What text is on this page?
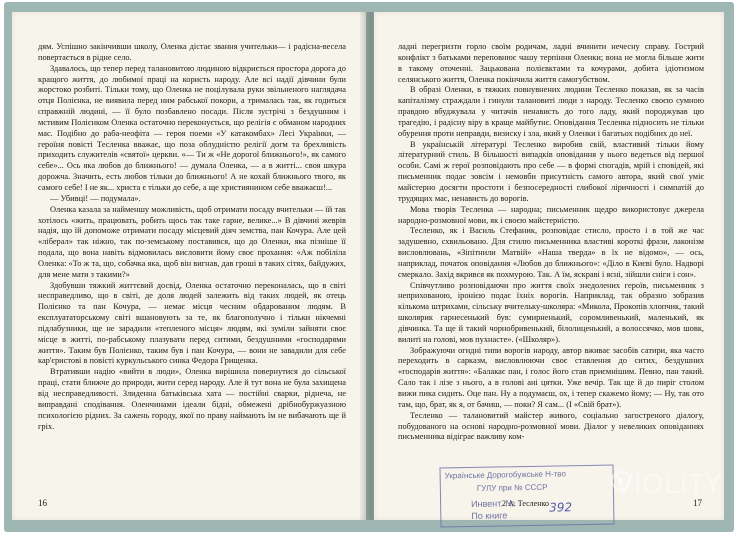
дям. Успішно закінчивши школу, Оленка дістає звання учительки— і радісна-весела повертається в рідне село.
Здавалось, що тепер перед талановитою людиною відкриється простора дорога до кращого життя, до любимої праці на користь народу. Але всі надії дівчини були жорстоко розбиті. Тільки тому, що Оленка не поцілувала руки звільненого наглядача отця Полієнка, не виявила перед ним рабської покори, а трималась так, як годиться справжній людині, — її було позбавлено посади. Після зустрічі з бездушним і мстивим Полієнком Оленка остаточно переконується, що релігія є обманом народних мас. Подібно до раба-неофіта — героя поеми «У катакомбах» Лесі Українки, — героїня повісті Тесленка вважає, що поза облудністю релігії догм та брехливість приходить служителів «святої» церкви. «— Ти ж «Не дорогої ближнього!», як самого себе»... Ось яка любов до ближнього! — думала Оленка, — а в житті... своя шкура дорожча. Значить, есть любов тільки до ближнього! А не кохай ближнього твого, як самого себе! І не як... христа є тільки до себе, а ще християнином себе вважаєш!...
— Убивці! — подумала».
Оленка казала за найменшу можливість, щоб отримати посаду вчительки — їй так хотілось «жить, працювать, робить щось так таке гарне, велике...» В дівчині жеврів надія, що їй допоможе отримати посаду місцевий діяч земства, пан Кочура. Але цей «ліберал» так ніжно, так по-земському поставився, що до Оленки, яка пізніше її подала, що вона навіть відмовилась висловити йому своє прохання: «Аж побіліла Оленка: «То ж та, що, собачка яка, щоб він вигнав, дав гроші в таких сітях, байдужих, для мене мати з такими?»
Здобувши тяжкий життєвий досвід, Оленка остаточно переконалась, що в світі несправедливо, що в світі, де доля людей залежить від таких людей, як отець Полієнко та пан Кочура, — немає місця чесним обдарованим людям. В експлуататорському світі вшановують за те, як благополучно і тільки нікчемні підлабузники, ще не зарадили «тепленого місця» людям, які зуміли зайняти своє місце в житті, по-рабському плазувати перед ситими, бездушними «господарями життя». Таким був Полієнко, таким був і пан Кочура, — вони не завадили для себе кар'єристові в повісті куркульського синка Федора Грищенка.
Втративши надію «вийти в люди», Оленка вирішила повернутися до сільської праці, стати ближче до природи, жити серед народу. Але й тут вона не була захищена від несправедливості. Злиденна батьківська хата — постійні сварки, ріднеча, не виправдані сподівання. Оленчинами ідеали бідні, обмежені дрібнобуржуазною психологією рідних. За сажень городу, якої по праву наймають їм не вибачають ще й гріх.
16
ладні перегризти горло своїм родичам, ладні вчинити нечесну справу. Гострий конфлікт з батьками переповнює чашу терпіння Оленки; вона не могла більше жити в такому оточенні. Зацькована полієвктами та кочурами, добита ідіотизмом селянського життя, Оленка покінчила життя самогубством.
В образі Оленки, в тяжких повнувнених людини Тесленко показав, як за часів капіталізму страждали і гинули талановиті люди з народу. Тесленко своєю сумною правдою вбуджувала у читачів ненависть до того ладу, який породжував цю трагедію, і радісну віру в краще майбутнє. Оповідання Тесленка підносить не тільки обурення проти неправди, визиску і зла, який у Оленки і багатьох подібних до неї.
В українській літературі Тесленко виробив свій, властивий тільки йому літературний стиль. В більшості випадків оповідання у нього ведеться від першої особи. Самі ж герої розповідають про себе — в формі спогадів, мрій і сповідей, які письменник подає зовсім і немовби присутність самого автора, який свої уміє майстерно досягти простоти і безпосередності глибокої ліричності і симпатій до трудящих мас, ненависть до ворогів.
Мова творів Тесленка — народна; письменник щедро використовує джерела народно-розмовної мови, як і своєю майстерністю.
Тесленко, як і Василь Стефаник, розповідає стисло, просто і в той же час задушевно, схвильовано. Для стилю письменника властиві короткі фрази, лаконізм висловлювань, «Зіпітнили Матвій» «Наша тверда» в їх не відомо», — ось, наприклад, початок оповідання «Любов до ближнього»: «Діло в Києві було. Надворі смеркало. Захід вкрився як похмурою. Так. А їм, яскраві і ясні, зійшли сніги і сон».
Співчутливо розповідаючи про життя своїх знедолених героїв, письменник з неприхованою, іронією подає їхніх ворогів. Наприклад, так образно зобразив кількома штрихами, сільську вчительку-школяра: «Микола, Прокопів хлопчик, такий школярик гарнесенький був: сумирненький, соромливенький, маленький, як дівчинка. Та ще й такий чорнобривенький, білолиценький, а волоссячко, мов шовк, вилиті на голові, мов пухнасте». («Школяр»).
Зображуючи огидні типи ворогів народу, автор вживає засобів сатири, яка часто переходить в сарказм, висловлюючи своє ставлення до ситих, бездушних «господарів життя»: «Балакає пан, і голос його став приємнішим. Певно, пан такий. Сало так і лізе з нього, а в голові ані цятки. Уже вечір. Так ще й до пиріг столом вижи пика сидить. Оце пан. Ну а подумаєш, ох, і тепер скажемо йому; — Ну, так ото там, що, брат, як я, от бачиш, — поки? Я сам... (І «Свій брат»).
Тесленко — талановитий майстер живого, соціально загостреного діалогу, побудованого на основі народно-розмовної мови. Діалог у невеликих оповіданнях письменника відіграє важливу ком-
2 А. Тесленко	17
Українське Дорогобужське Н-тво
ГУЛУ при № СССР
Инвент. №
По книге
392
VIOLITY
